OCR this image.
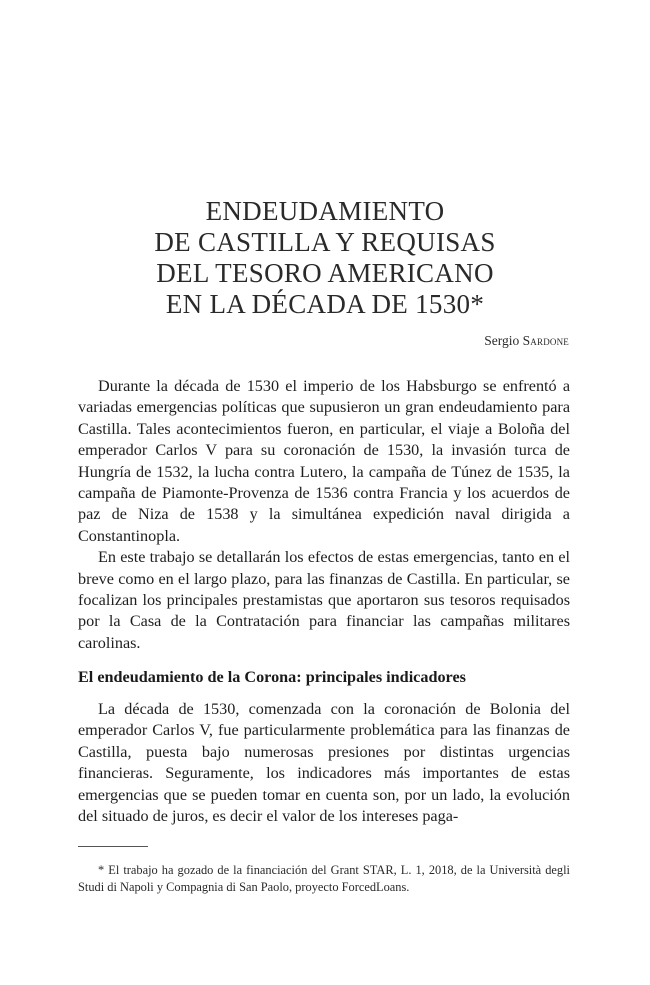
ENDEUDAMIENTO
DE CASTILLA Y REQUISAS
DEL TESORO AMERICANO
EN LA DÉCADA DE 1530*
Sergio Sardone

Durante la década de 1530 el imperio de los Habsburgo se enfrentó a variadas emergencias políticas que supusieron un gran endeudamiento para Castilla. Tales acontecimientos fueron, en particular, el viaje a Boloña del emperador Carlos V para su coronación de 1530, la invasión turca de Hungría de 1532, la lucha contra Lutero, la campaña de Túnez de 1535, la campaña de Piamonte-Provenza de 1536 contra Francia y los acuerdos de paz de Niza de 1538 y la simultánea expedición naval dirigida a Constantinopla.

En este trabajo se detallarán los efectos de estas emergencias, tanto en el breve como en el largo plazo, para las finanzas de Castilla. En particular, se focalizan los principales prestamistas que aportaron sus tesoros requisados por la Casa de la Contratación para financiar las campañas militares carolinas.

El endeudamiento de la Corona: principales indicadores

La década de 1530, comenzada con la coronación de Bolonia del emperador Carlos V, fue particularmente problemática para las finanzas de Castilla, puesta bajo numerosas presiones por distintas urgencias financieras. Seguramente, los indicadores más importantes de estas emergencias que se pueden tomar en cuenta son, por un lado, la evolución del situado de juros, es decir el valor de los intereses paga-

* El trabajo ha gozado de la financiación del Grant STAR, L. 1, 2018, de la Università degli Studi di Napoli y Compagnia di San Paolo, proyecto ForcedLoans.
